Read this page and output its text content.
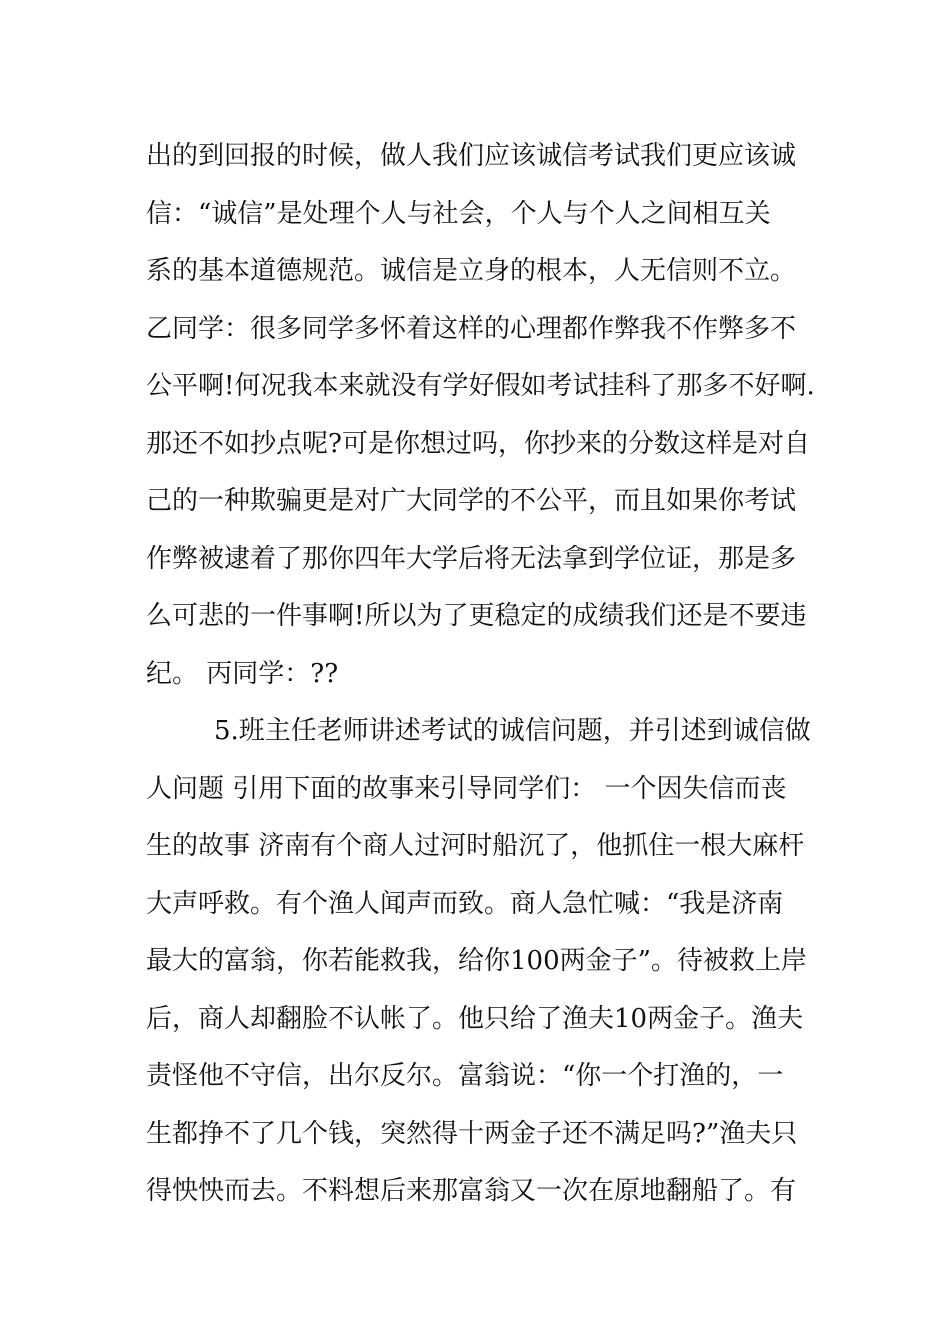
出的到回报的时候，做人我们应该诚信考试我们更应该诚
信：“诚信”是处理个人与社会，个人与个人之间相互关
系的基本道德规范。诚信是立身的根本，人无信则不立。
乙同学：很多同学多怀着这样的心理都作弊我不作弊多不
公平啊!何况我本来就没有学好假如考试挂科了那多不好啊.
那还不如抄点呢?可是你想过吗，你抄来的分数这样是对自
己的一种欺骗更是对广大同学的不公平，而且如果你考试
作弊被逮着了那你四年大学后将无法拿到学位证，那是多
么可悲的一件事啊!所以为了更稳定的成绩我们还是不要违
纪。 丙同学：??
5.班主任老师讲述考试的诚信问题，并引述到诚信做
人问题 引用下面的故事来引导同学们： 一个因失信而丧
生的故事 济南有个商人过河时船沉了，他抓住一根大麻杆
大声呼救。有个渔人闻声而致。商人急忙喊：“我是济南
最大的富翁，你若能救我，给你100两金子”。待被救上岸
后，商人却翻脸不认帐了。他只给了渔夫10两金子。渔夫
责怪他不守信，出尔反尔。富翁说：“你一个打渔的，一
生都挣不了几个钱，突然得十两金子还不满足吗?”渔夫只
得怏怏而去。不料想后来那富翁又一次在原地翻船了。有
